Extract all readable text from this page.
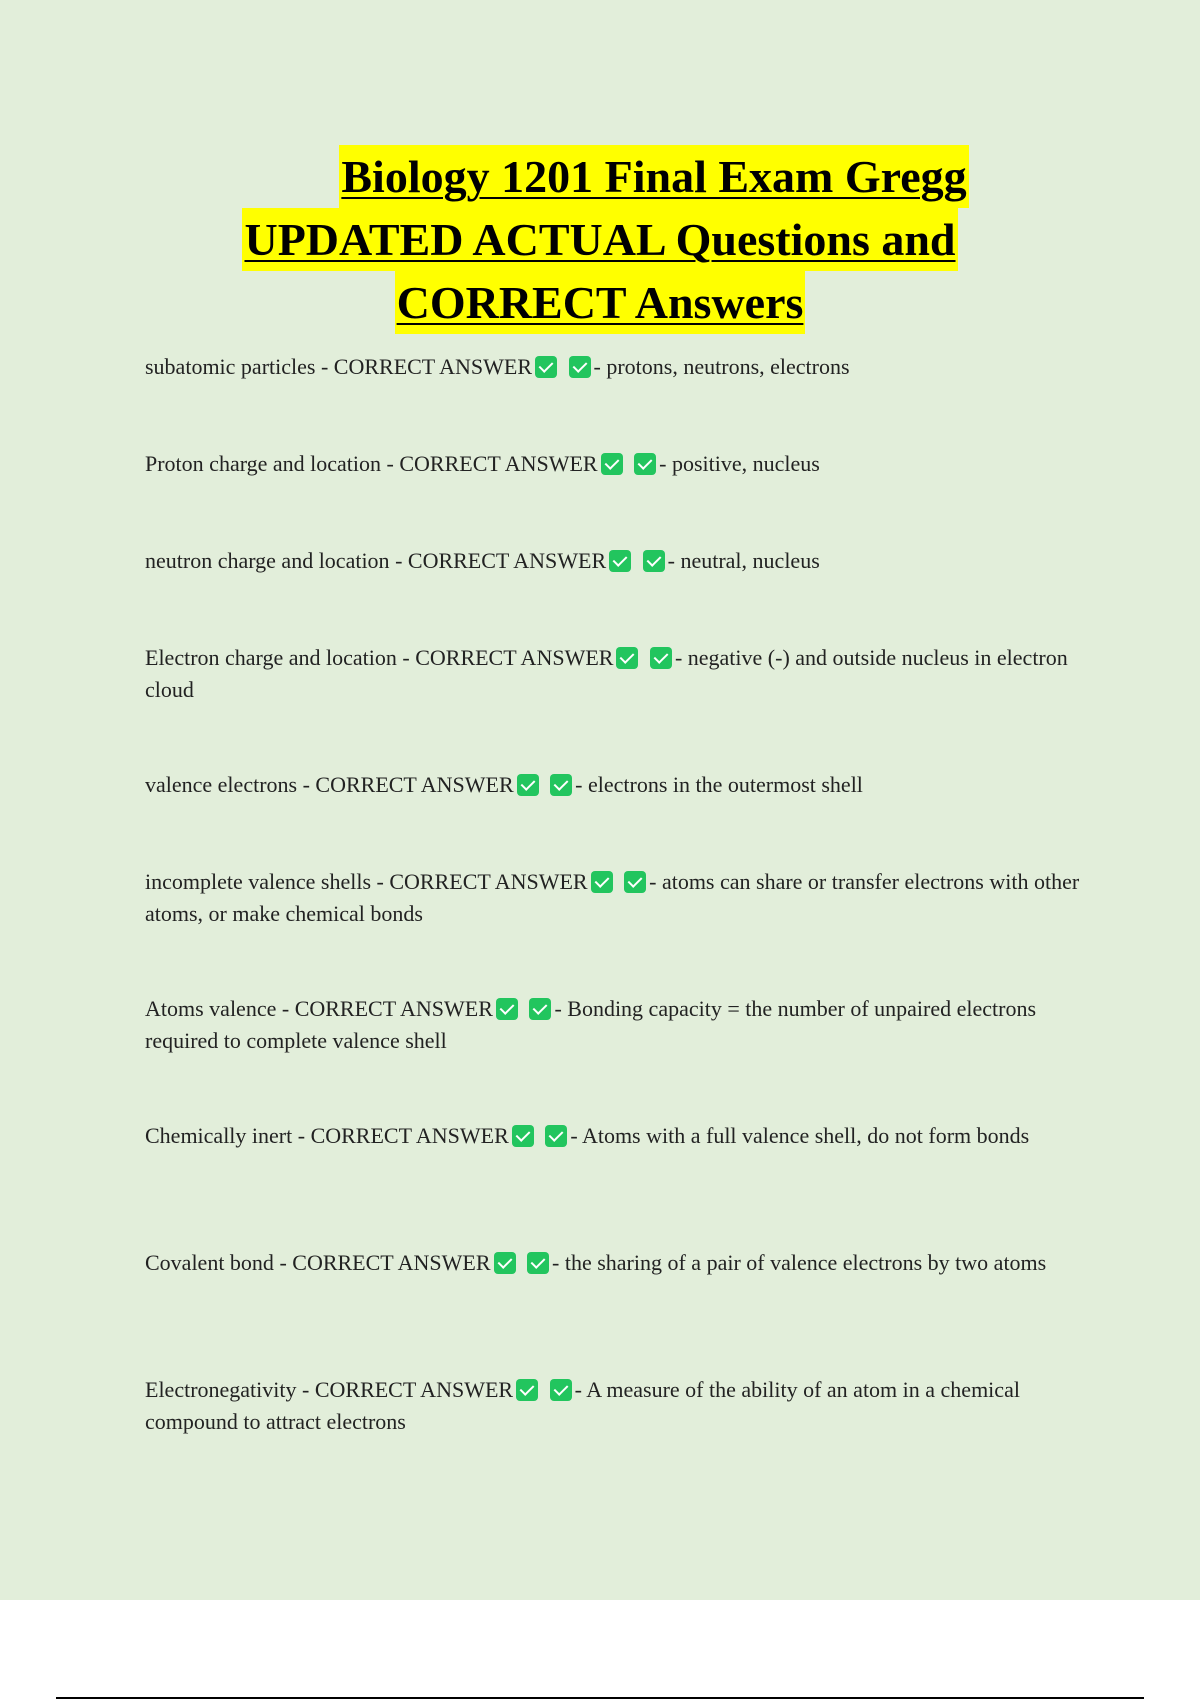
Biology 1201 Final Exam Gregg
UPDATED ACTUAL Questions and
CORRECT Answers
subatomic particles - CORRECT ANSWER	- protons, neutrons, electrons
Proton charge and location - CORRECT ANSWER	- positive, nucleus
neutron charge and location - CORRECT ANSWER	- neutral, nucleus
Electron charge and location - CORRECT ANSWER	- negative (-) and outside nucleus in electron cloud
valence electrons - CORRECT ANSWER	- electrons in the outermost shell
incomplete valence shells - CORRECT ANSWER	- atoms can share or transfer electrons with other atoms, or make chemical bonds
Atoms valence - CORRECT ANSWER	- Bonding capacity = the number of unpaired electrons required to complete valence shell
Chemically inert - CORRECT ANSWER	- Atoms with a full valence shell, do not form bonds
Covalent bond - CORRECT ANSWER	- the sharing of a pair of valence electrons by two atoms
Electronegativity - CORRECT ANSWER	- A measure of the ability of an atom in a chemical compound to attract electrons
